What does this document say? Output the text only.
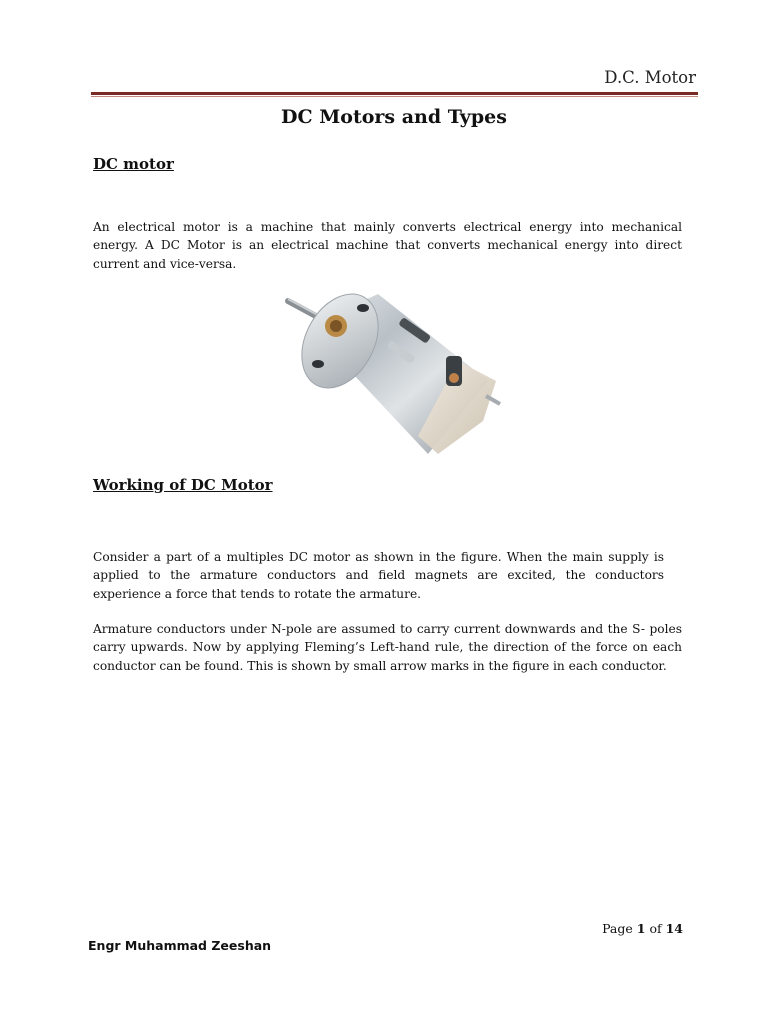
D.C. Motor
DC Motors and Types
DC motor
An electrical motor is a machine that mainly converts electrical energy into mechanical energy. A DC Motor is an electrical machine that converts mechanical energy into direct current and vice-versa.
Working of DC Motor
Consider a part of a multiples DC motor as shown in the figure. When the main supply is applied to the armature conductors and field magnets are excited, the conductors experience a force that tends to rotate the armature.
Armature conductors under N-pole are assumed to carry current downwards and the S- poles carry upwards. Now by applying Fleming’s Left-hand rule, the direction of the force on each conductor can be found. This is shown by small arrow marks in the figure in each conductor.
Page 1 of 14
Engr Muhammad Zeeshan
